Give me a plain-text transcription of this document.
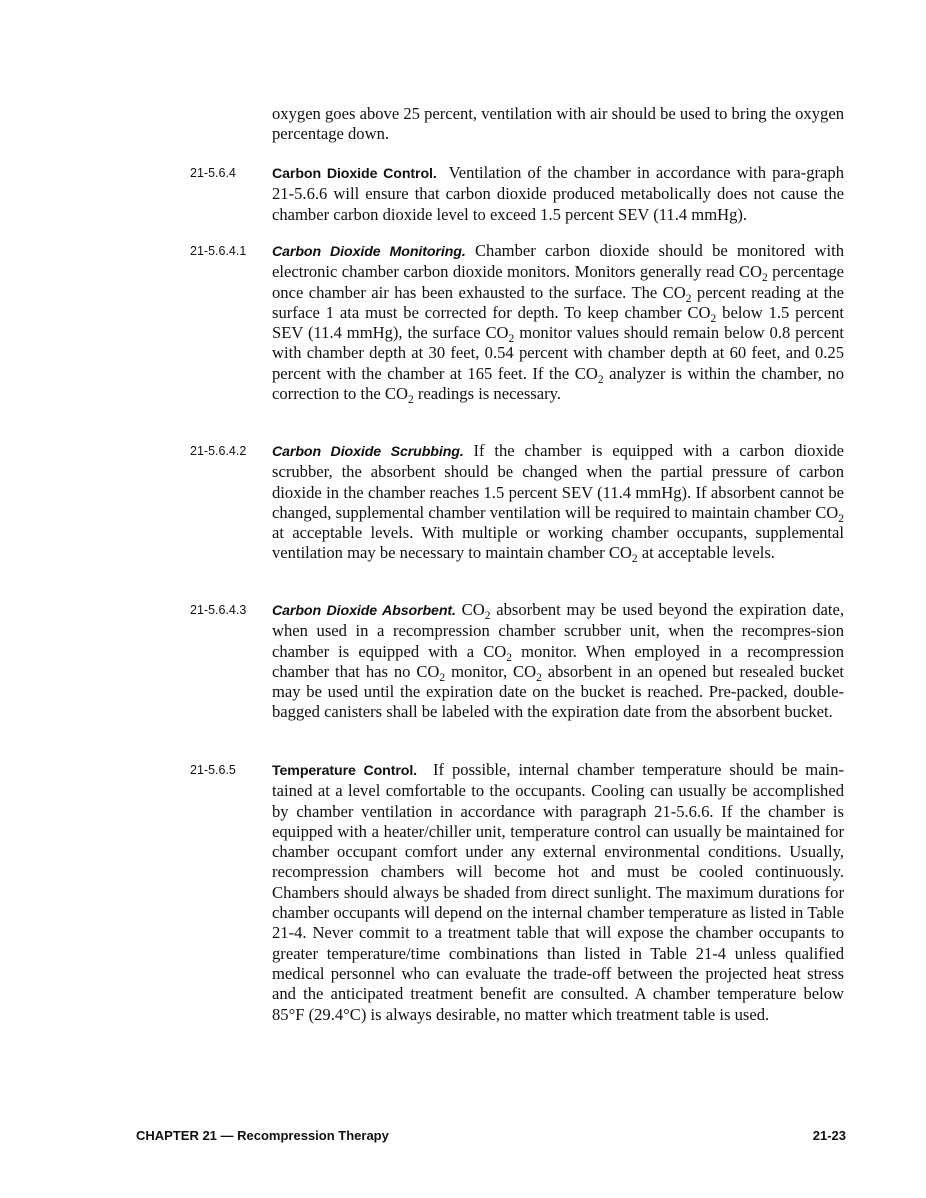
oxygen goes above 25 percent, ventilation with air should be used to bring the oxygen percentage down.

21-5.6.4	Carbon Dioxide Control. Ventilation of the chamber in accordance with para-graph 21-5.6.6 will ensure that carbon dioxide produced metabolically does not cause the chamber carbon dioxide level to exceed 1.5 percent SEV (11.4 mmHg).

21-5.6.4.1 Carbon Dioxide Monitoring. Chamber carbon dioxide should be monitored with electronic chamber carbon dioxide monitors. Monitors generally read $CO_2$ percentage once chamber air has been exhausted to the surface. The $CO_2$ percent reading at the surface 1 ata must be corrected for depth. To keep chamber $CO_2$ below 1.5 percent SEV (11.4 mmHg), the surface $CO_2$ monitor values should remain below 0.8 percent with chamber depth at 30 feet, 0.54 percent with chamber depth at 60 feet, and 0.25 percent with the chamber at 165 feet. If the $CO_2$ analyzer is within the chamber, no correction to the $CO_2$ readings is necessary.

21-5.6.4.2 Carbon Dioxide Scrubbing. If the chamber is equipped with a carbon dioxide scrubber, the absorbent should be changed when the partial pressure of carbon dioxide in the chamber reaches 1.5 percent SEV (11.4 mmHg). If absorbent cannot be changed, supplemental chamber ventilation will be required to maintain chamber $CO_2$ at acceptable levels. With multiple or working chamber occupants, supplemental ventilation may be necessary to maintain chamber $CO_2$ at acceptable levels.

21-5.6.4.3 Carbon Dioxide Absorbent. $CO_2$ absorbent may be used beyond the expiration date, when used in a recompression chamber scrubber unit, when the recompres-sion chamber is equipped with a $CO_2$ monitor. When employed in a recompression chamber that has no $CO_2$ monitor, $CO_2$ absorbent in an opened but resealed bucket may be used until the expiration date on the bucket is reached. Pre-packed, double-bagged canisters shall be labeled with the expiration date from the absorbent bucket.

21-5.6.5	Temperature Control. If possible, internal chamber temperature should be main-tained at a level comfortable to the occupants. Cooling can usually be accomplished by chamber ventilation in accordance with paragraph 21-5.6.6. If the chamber is equipped with a heater/chiller unit, temperature control can usually be maintained for chamber occupant comfort under any external environmental conditions. Usually, recompression chambers will become hot and must be cooled continuously. Chambers should always be shaded from direct sunlight. The maximum durations for chamber occupants will depend on the internal chamber temperature as listed in Table 21-4. Never commit to a treatment table that will expose the chamber occupants to greater temperature/time combinations than listed in Table 21-4 unless qualified medical personnel who can evaluate the trade-off between the projected heat stress and the anticipated treatment benefit are consulted. A chamber temperature below 85°F (29.4°C) is always desirable, no matter which treatment table is used.

CHAPTER 21 — Recompression Therapy	21-23
